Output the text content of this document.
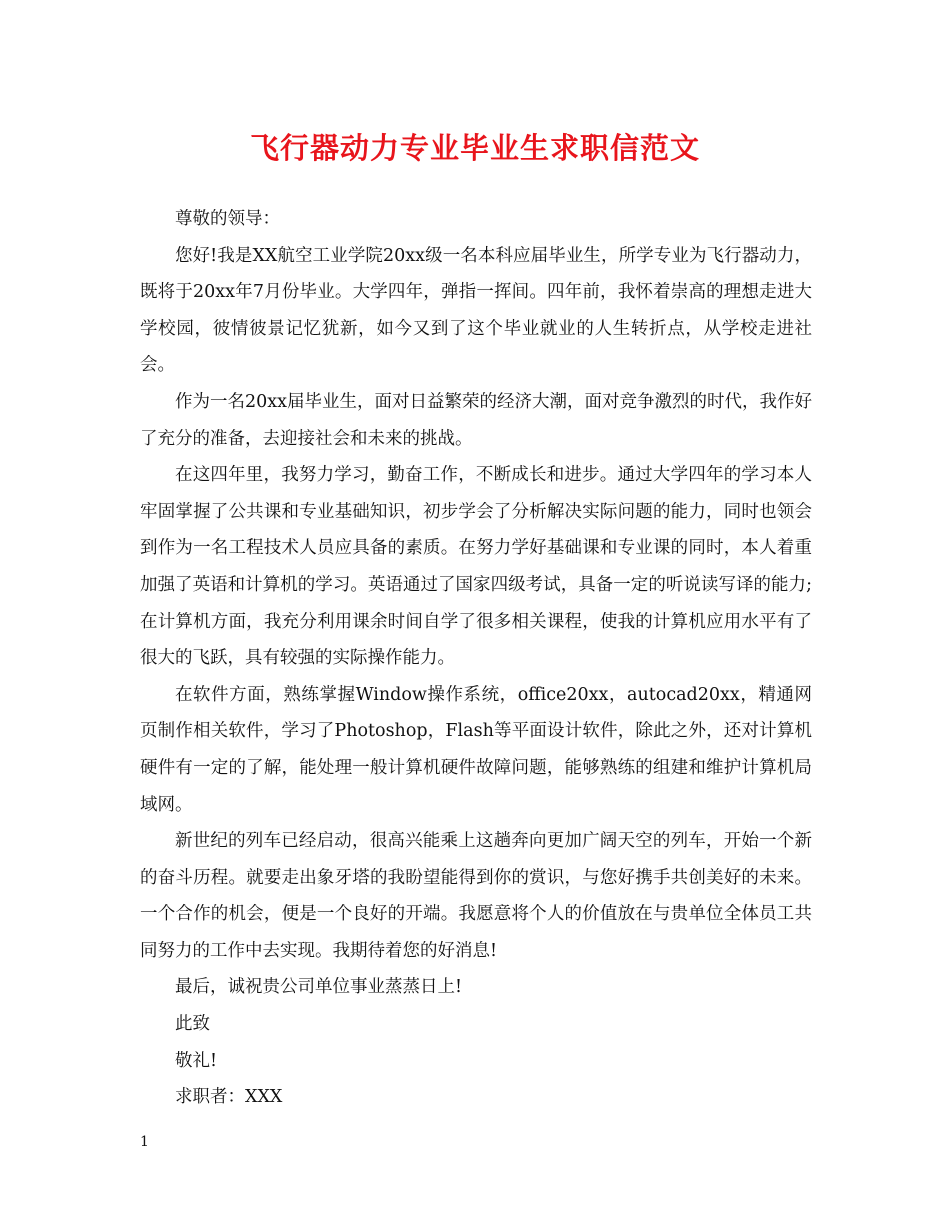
飞行器动力专业毕业生求职信范文

尊敬的领导：

您好!我是XX航空工业学院20xx级一名本科应届毕业生，所学专业为飞行器动力，既将于20xx年7月份毕业。大学四年，弹指一挥间。四年前，我怀着崇高的理想走进大学校园，彼情彼景记忆犹新，如今又到了这个毕业就业的人生转折点，从学校走进社会。

作为一名20xx届毕业生，面对日益繁荣的经济大潮，面对竞争激烈的时代，我作好了充分的准备，去迎接社会和未来的挑战。

在这四年里，我努力学习，勤奋工作，不断成长和进步。通过大学四年的学习本人牢固掌握了公共课和专业基础知识，初步学会了分析解决实际问题的能力，同时也领会到作为一名工程技术人员应具备的素质。在努力学好基础课和专业课的同时，本人着重加强了英语和计算机的学习。英语通过了国家四级考试，具备一定的听说读写译的能力;在计算机方面，我充分利用课余时间自学了很多相关课程，使我的计算机应用水平有了很大的飞跃，具有较强的实际操作能力。

在软件方面，熟练掌握Window操作系统，office20xx，autocad20xx，精通网页制作相关软件，学习了Photoshop，Flash等平面设计软件，除此之外，还对计算机硬件有一定的了解，能处理一般计算机硬件故障问题，能够熟练的组建和维护计算机局域网。

新世纪的列车已经启动，很高兴能乘上这趟奔向更加广阔天空的列车，开始一个新的奋斗历程。就要走出象牙塔的我盼望能得到你的赏识，与您好携手共创美好的未来。一个合作的机会，便是一个良好的开端。我愿意将个人的价值放在与贵单位全体员工共同努力的工作中去实现。我期待着您的好消息!

最后，诚祝贵公司单位事业蒸蒸日上!

此致

敬礼!

求职者：XXX

1
